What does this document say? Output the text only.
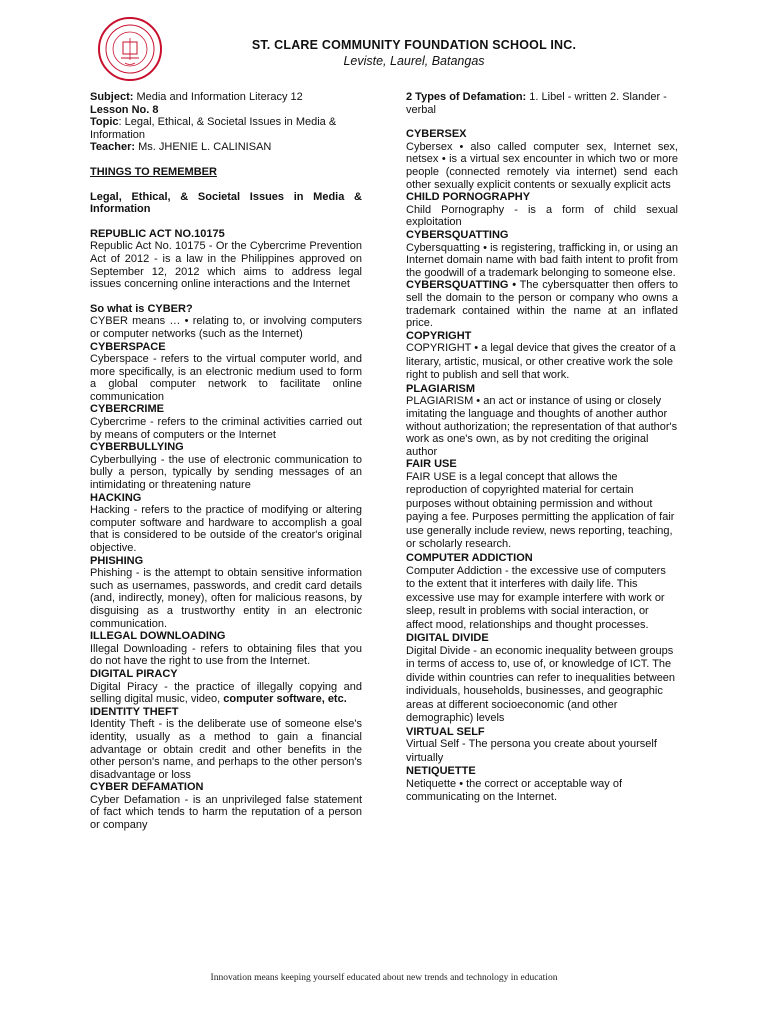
ST. CLARE COMMUNITY FOUNDATION SCHOOL INC.
Leviste, Laurel, Batangas

Subject: Media and Information Literacy 12

Lesson No. 8

Topic: Legal, Ethical, & Societal Issues in Media & Information

Teacher: Ms. JHENIE L. CALINISAN

THINGS TO REMEMBER

Legal, Ethical, & Societal Issues in Media & Information

REPUBLIC ACT NO.10175

Republic Act No. 10175 - Or the Cybercrime Prevention Act of 2012 - is a law in the Philippines approved on September 12, 2012 which aims to address legal issues concerning online interactions and the Internet

So what is CYBER?

CYBER means … • relating to, or involving computers or computer networks (such as the Internet)

CYBERSPACE

Cyberspace - refers to the virtual computer world, and more specifically, is an electronic medium used to form a global computer network to facilitate online communication

CYBERCRIME

Cybercrime - refers to the criminal activities carried out by means of computers or the Internet

CYBERBULLYING

Cyberbullying - the use of electronic communication to bully a person, typically by sending messages of an intimidating or threatening nature

HACKING

Hacking - refers to the practice of modifying or altering computer software and hardware to accomplish a goal that is considered to be outside of the creator's original objective.

PHISHING

Phishing - is the attempt to obtain sensitive information such as usernames, passwords, and credit card details (and, indirectly, money), often for malicious reasons, by disguising as a trustworthy entity in an electronic communication.

ILLEGAL DOWNLOADING

Illegal Downloading - refers to obtaining files that you do not have the right to use from the Internet.

DIGITAL PIRACY

Digital Piracy - the practice of illegally copying and selling digital music, video, computer software, etc.

IDENTITY THEFT

Identity Theft - is the deliberate use of someone else's identity, usually as a method to gain a financial advantage or obtain credit and other benefits in the other person's name, and perhaps to the other person's disadvantage or loss

CYBER DEFAMATION

Cyber Defamation - is an unprivileged false statement of fact which tends to harm the reputation of a person or company

2 Types of Defamation: 1. Libel - written 2. Slander - verbal

CYBERSEX

Cybersex • also called computer sex, Internet sex, netsex • is a virtual sex encounter in which two or more people (connected remotely via internet) send each other sexually explicit contents or sexually explicit acts

CHILD PORNOGRAPHY

Child Pornography - is a form of child sexual exploitation

CYBERSQUATTING

Cybersquatting • is registering, trafficking in, or using an Internet domain name with bad faith intent to profit from the goodwill of a trademark belonging to someone else.

CYBERSQUATTING • The cybersquatter then offers to sell the domain to the person or company who owns a trademark contained within the name at an inflated price.

COPYRIGHT

COPYRIGHT • a legal device that gives the creator of a literary, artistic, musical, or other creative work the sole right to publish and sell that work.

PLAGIARISM

PLAGIARISM • an act or instance of using or closely imitating the language and thoughts of another author without authorization; the representation of that author's work as one's own, as by not crediting the original author

FAIR USE

FAIR USE is a legal concept that allows the reproduction of copyrighted material for certain purposes without obtaining permission and without paying a fee. Purposes permitting the application of fair use generally include review, news reporting, teaching, or scholarly research.

COMPUTER ADDICTION

Computer Addiction - the excessive use of computers to the extent that it interferes with daily life. This excessive use may for example interfere with work or sleep, result in problems with social interaction, or affect mood, relationships and thought processes.

DIGITAL DIVIDE

Digital Divide - an economic inequality between groups in terms of access to, use of, or knowledge of ICT. The divide within countries can refer to inequalities between individuals, households, businesses, and geographic areas at different socioeconomic (and other demographic) levels

VIRTUAL SELF

Virtual Self - The persona you create about yourself virtually

NETIQUETTE

Netiquette • the correct or acceptable way of communicating on the Internet.

Innovation means keeping yourself educated about new trends and technology in education
